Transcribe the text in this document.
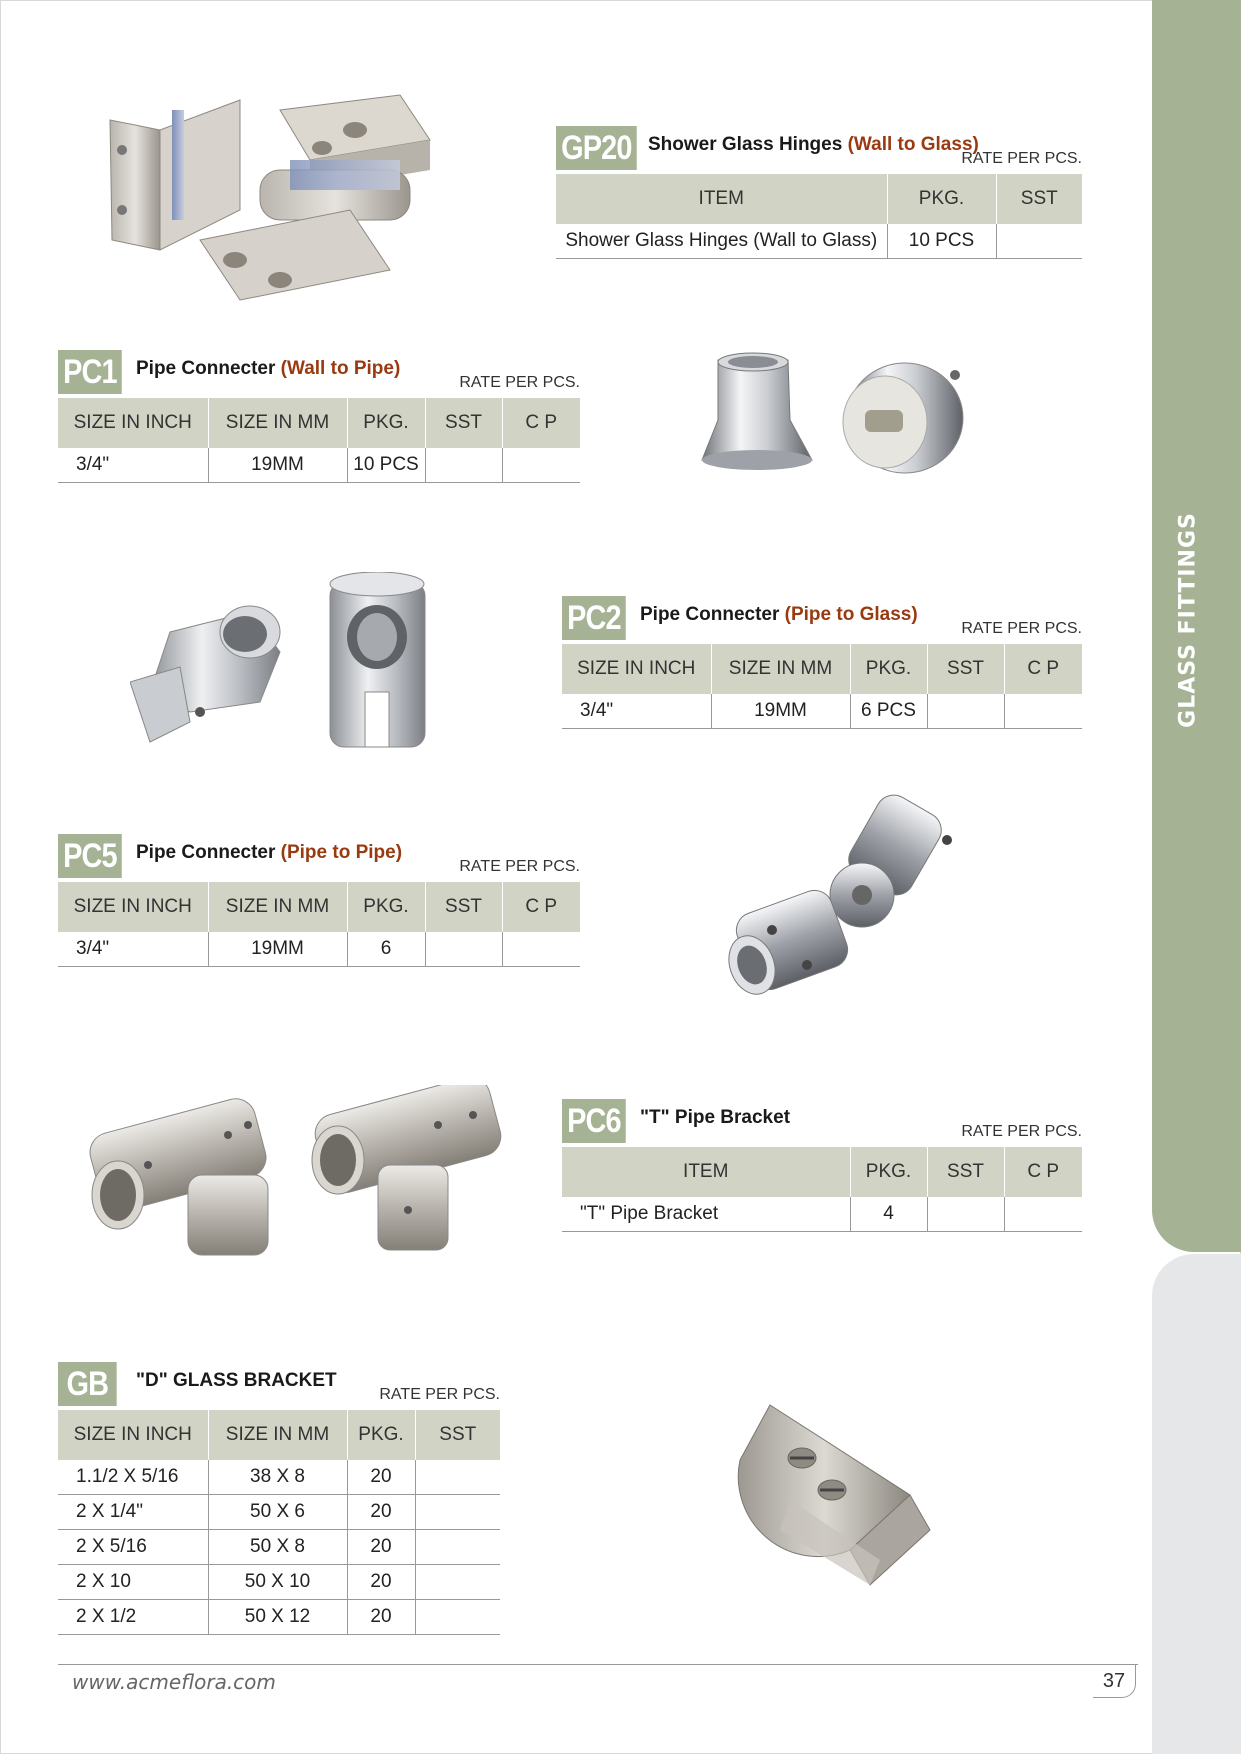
GLASS FITTINGS
GP20 Shower Glass Hinges (Wall to Glass)
RATE PER PCS.
ITEM	PKG.	SST
Shower Glass Hinges (Wall to Glass)	10 PCS	
PC1 Pipe Connecter (Wall to Pipe)
RATE PER PCS.
SIZE IN INCH	SIZE IN MM	PKG.	SST	C P
3/4"	19MM	10 PCS		
PC2 Pipe Connecter (Pipe to Glass)
RATE PER PCS.
SIZE IN INCH	SIZE IN MM	PKG.	SST	C P
3/4"	19MM	6 PCS		
PC5 Pipe Connecter (Pipe to Pipe)
RATE PER PCS.
SIZE IN INCH	SIZE IN MM	PKG.	SST	C P
3/4"	19MM	6		
PC6 "T" Pipe Bracket
RATE PER PCS.
ITEM	PKG.	SST	C P
"T" Pipe Bracket	4		
GB	"D" GLASS BRACKET
RATE PER PCS.
SIZE IN INCH	SIZE IN MM	PKG.	SST
1.1/2 X 5/16	38 X 8	20	
2 X 1/4"	50 X 6	20	
2 X 5/16	50 X 8	20	
2 X 10	50 X 10	20	
2 X 1/2	50 X 12	20	
www.acmeflora.com	37
